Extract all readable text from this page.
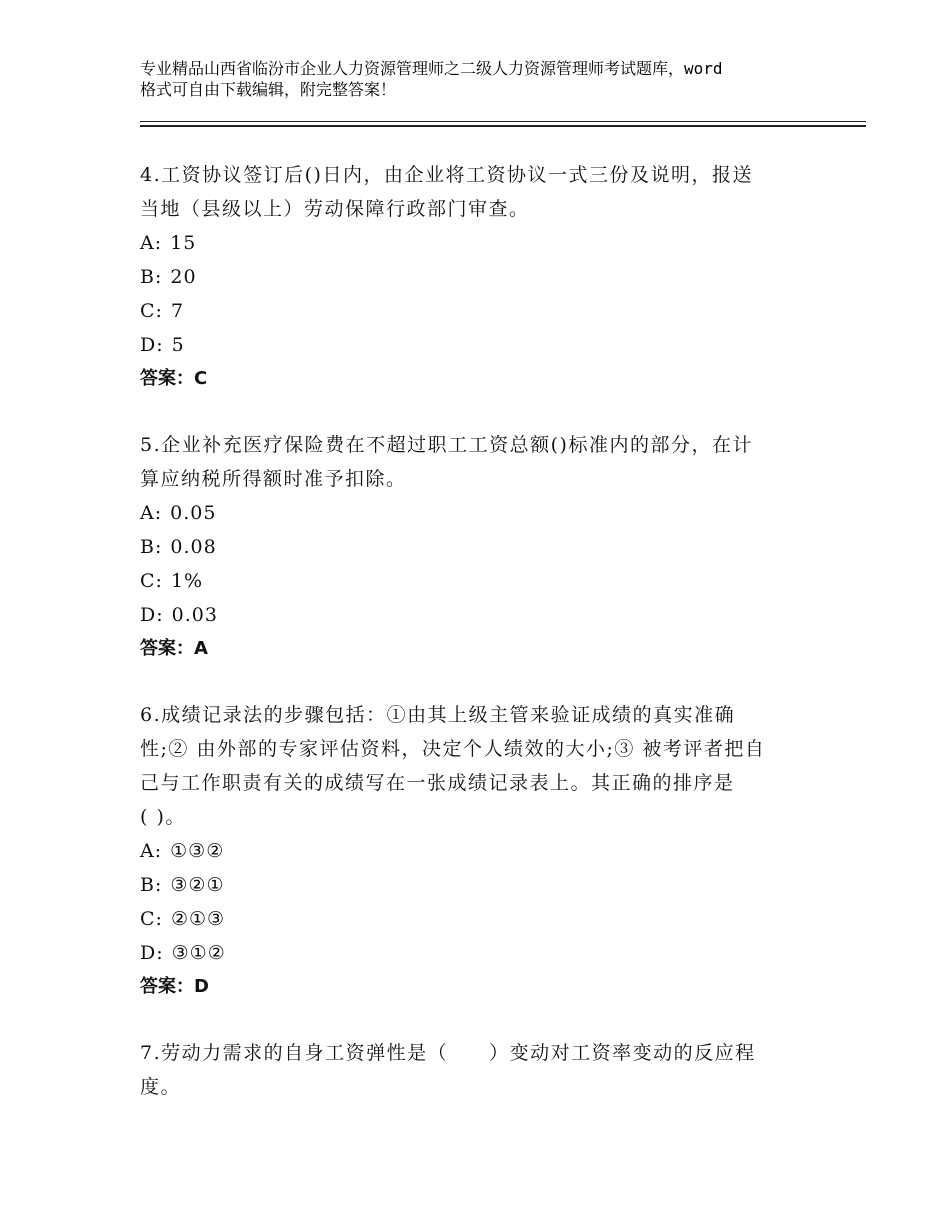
专业精品山西省临汾市企业人力资源管理师之二级人力资源管理师考试题库，word
格式可自由下载编辑，附完整答案！

4.工资协议签订后()日内，由企业将工资协议一式三份及说明，报送

当地（县级以上）劳动保障行政部门审查。

A: 15

B: 20

C: 7

D: 5

答案：C

5.企业补充医疗保险费在不超过职工工资总额()标准内的部分，在计

算应纳税所得额时准予扣除。

A: 0.05

B: 0.08

C: 1%

D: 0.03

答案：A

6.成绩记录法的步骤包括：①由其上级主管来验证成绩的真实准确

性;② 由外部的专家评估资料，决定个人绩效的大小;③ 被考评者把自

己与工作职责有关的成绩写在一张成绩记录表上。其正确的排序是

( )。

A: ①③②

B: ③②①

C: ②①③

D: ③①②

答案：D

7.劳动力需求的自身工资弹性是（　　）变动对工资率变动的反应程

度。
